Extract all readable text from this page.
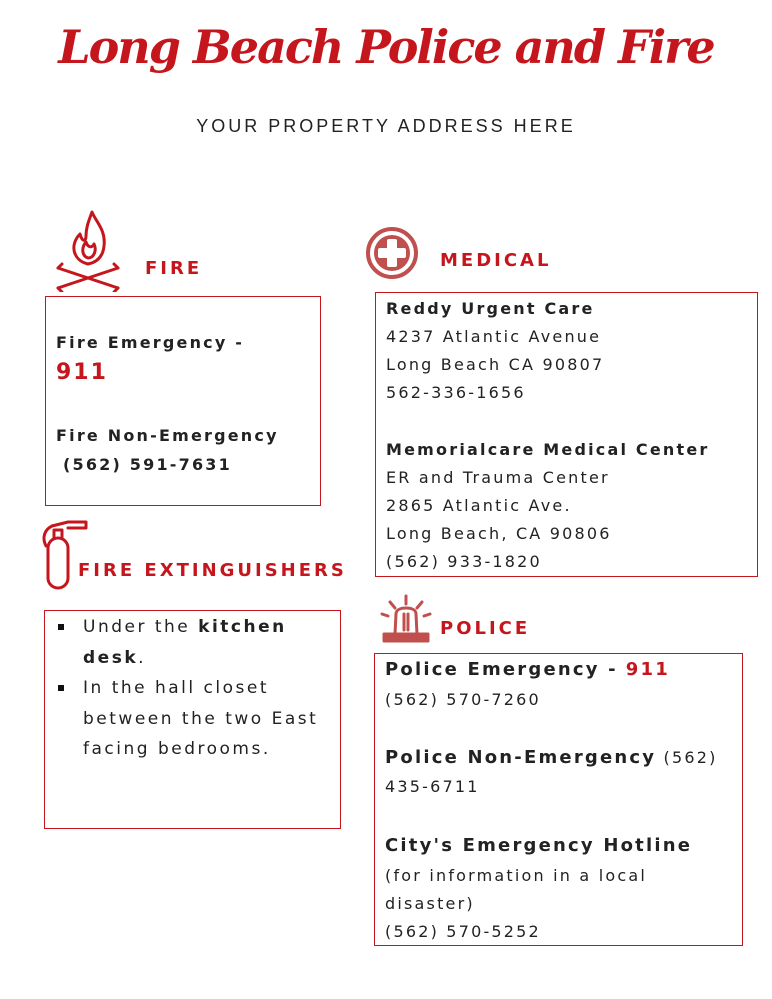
Long Beach Police and Fire
YOUR PROPERTY ADDRESS HERE
FIRE
Fire Emergency -
911
Fire Non-Emergency
(562) 591-7631
FIRE EXTINGUISHERS
Under the kitchen desk.
In the hall closet between the two East facing bedrooms.
MEDICAL
Reddy Urgent Care
4237 Atlantic Avenue
Long Beach CA 90807
562-336-1656
Memorialcare Medical Center
ER and Trauma Center
2865 Atlantic Ave.
Long Beach, CA 90806
(562) 933-1820
POLICE
Police Emergency - 911
(562) 570-7260
Police Non-Emergency (562)
435-6711
City's Emergency Hotline
(for information in a local
disaster)
(562) 570-5252
